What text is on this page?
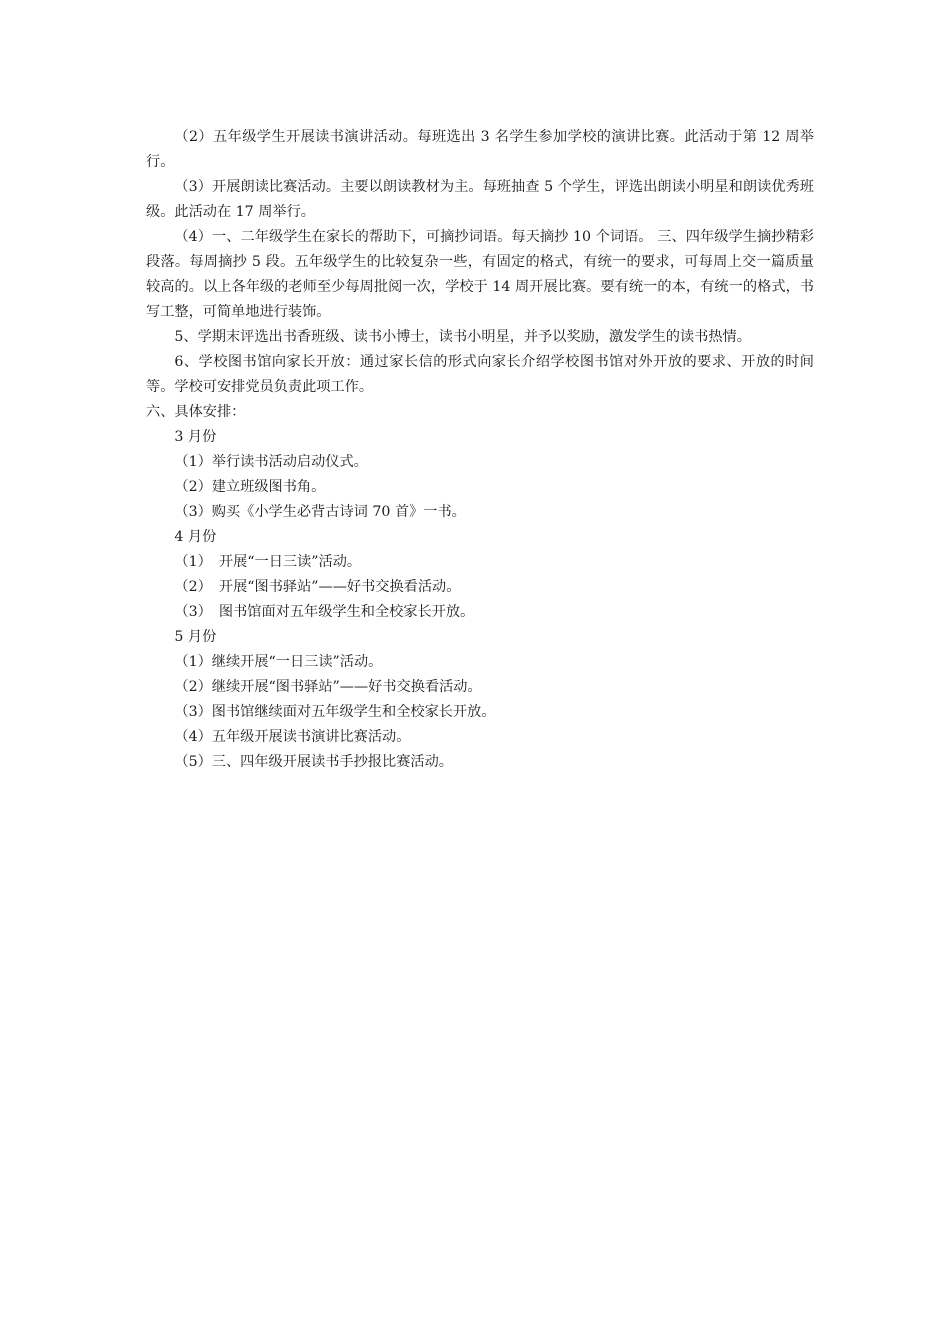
（2）五年级学生开展读书演讲活动。每班选出 3 名学生参加学校的演讲比赛。此活动于第 12 周举行。

（3）开展朗读比赛活动。主要以朗读教材为主。每班抽查 5 个学生，评选出朗读小明星和朗读优秀班级。此活动在 17 周举行。

（4）一、二年级学生在家长的帮助下，可摘抄词语。每天摘抄 10 个词语。 三、四年级学生摘抄精彩段落。每周摘抄 5 段。五年级学生的比较复杂一些，有固定的格式，有统一的要求，可每周上交一篇质量较高的。以上各年级的老师至少每周批阅一次，学校于 14 周开展比赛。要有统一的本，有统一的格式，书写工整，可简单地进行装饰。

5、学期末评选出书香班级、读书小博士，读书小明星，并予以奖励，激发学生的读书热情。

6、学校图书馆向家长开放：通过家长信的形式向家长介绍学校图书馆对外开放的要求、开放的时间等。学校可安排党员负责此项工作。

六、具体安排：

3 月份

（1）举行读书活动启动仪式。

（2）建立班级图书角。

（3）购买《小学生必背古诗词 70 首》一书。

4 月份

（1）　开展“一日三读”活动。

（2）　开展“图书驿站”——好书交换看活动。

（3）　图书馆面对五年级学生和全校家长开放。

5 月份

（1）继续开展“一日三读”活动。

（2）继续开展“图书驿站”——好书交换看活动。

（3）图书馆继续面对五年级学生和全校家长开放。

（4）五年级开展读书演讲比赛活动。

（5）三、四年级开展读书手抄报比赛活动。
